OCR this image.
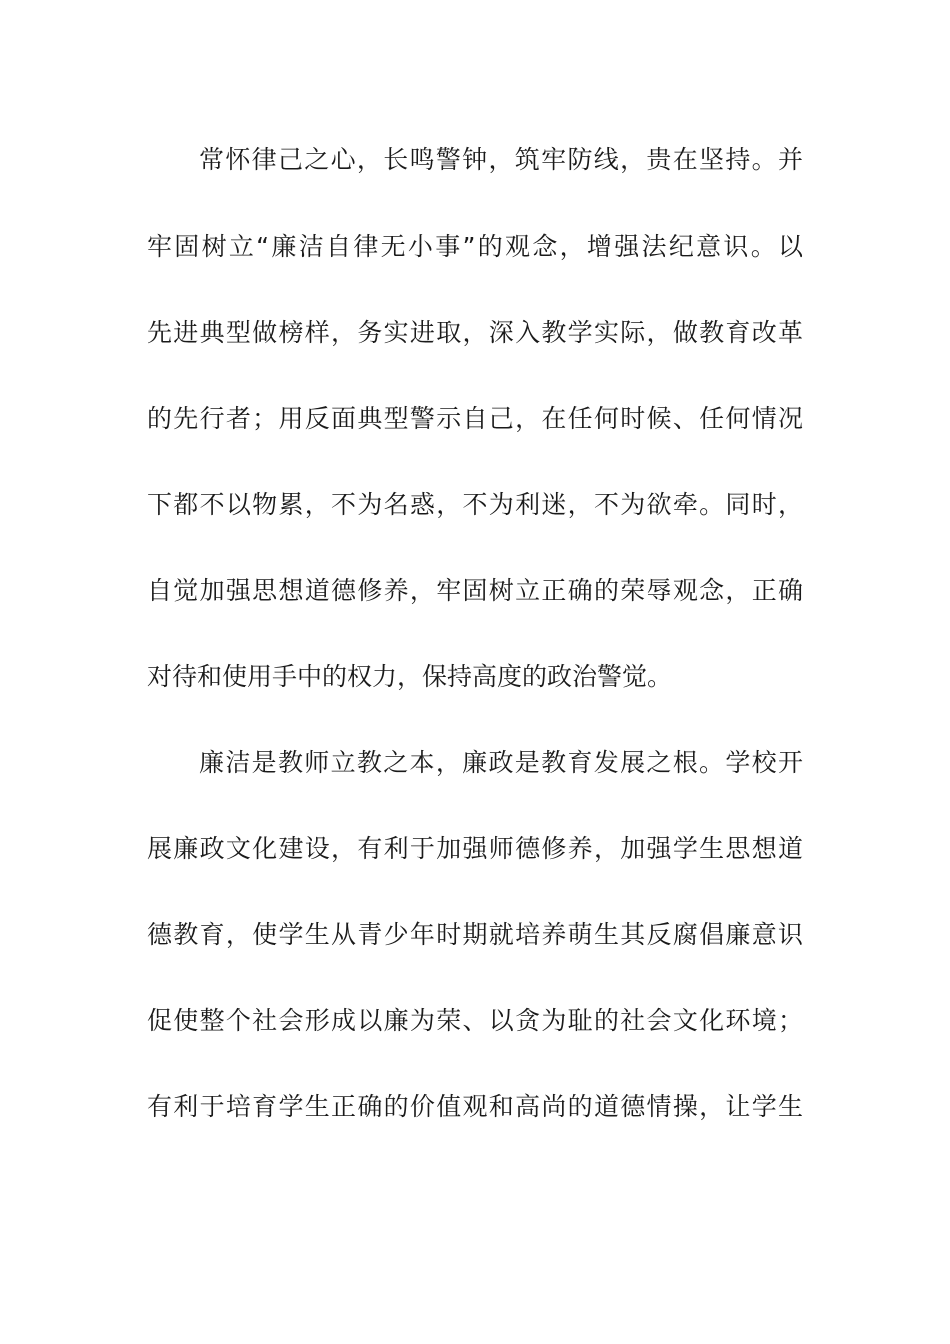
常怀律己之心，长鸣警钟，筑牢防线，贵在坚持。并
牢固树立“廉洁自律无小事”的观念，增强法纪意识。以
先进典型做榜样，务实进取，深入教学实际，做教育改革
的先行者；用反面典型警示自己，在任何时候、任何情况
下都不以物累，不为名惑，不为利迷，不为欲牵。同时，
自觉加强思想道德修养，牢固树立正确的荣辱观念，正确
对待和使用手中的权力，保持高度的政治警觉。
廉洁是教师立教之本，廉政是教育发展之根。学校开
展廉政文化建设，有利于加强师德修养，加强学生思想道
德教育，使学生从青少年时期就培养萌生其反腐倡廉意识
促使整个社会形成以廉为荣、以贪为耻的社会文化环境；
有利于培育学生正确的价值观和高尚的道德情操，让学生
